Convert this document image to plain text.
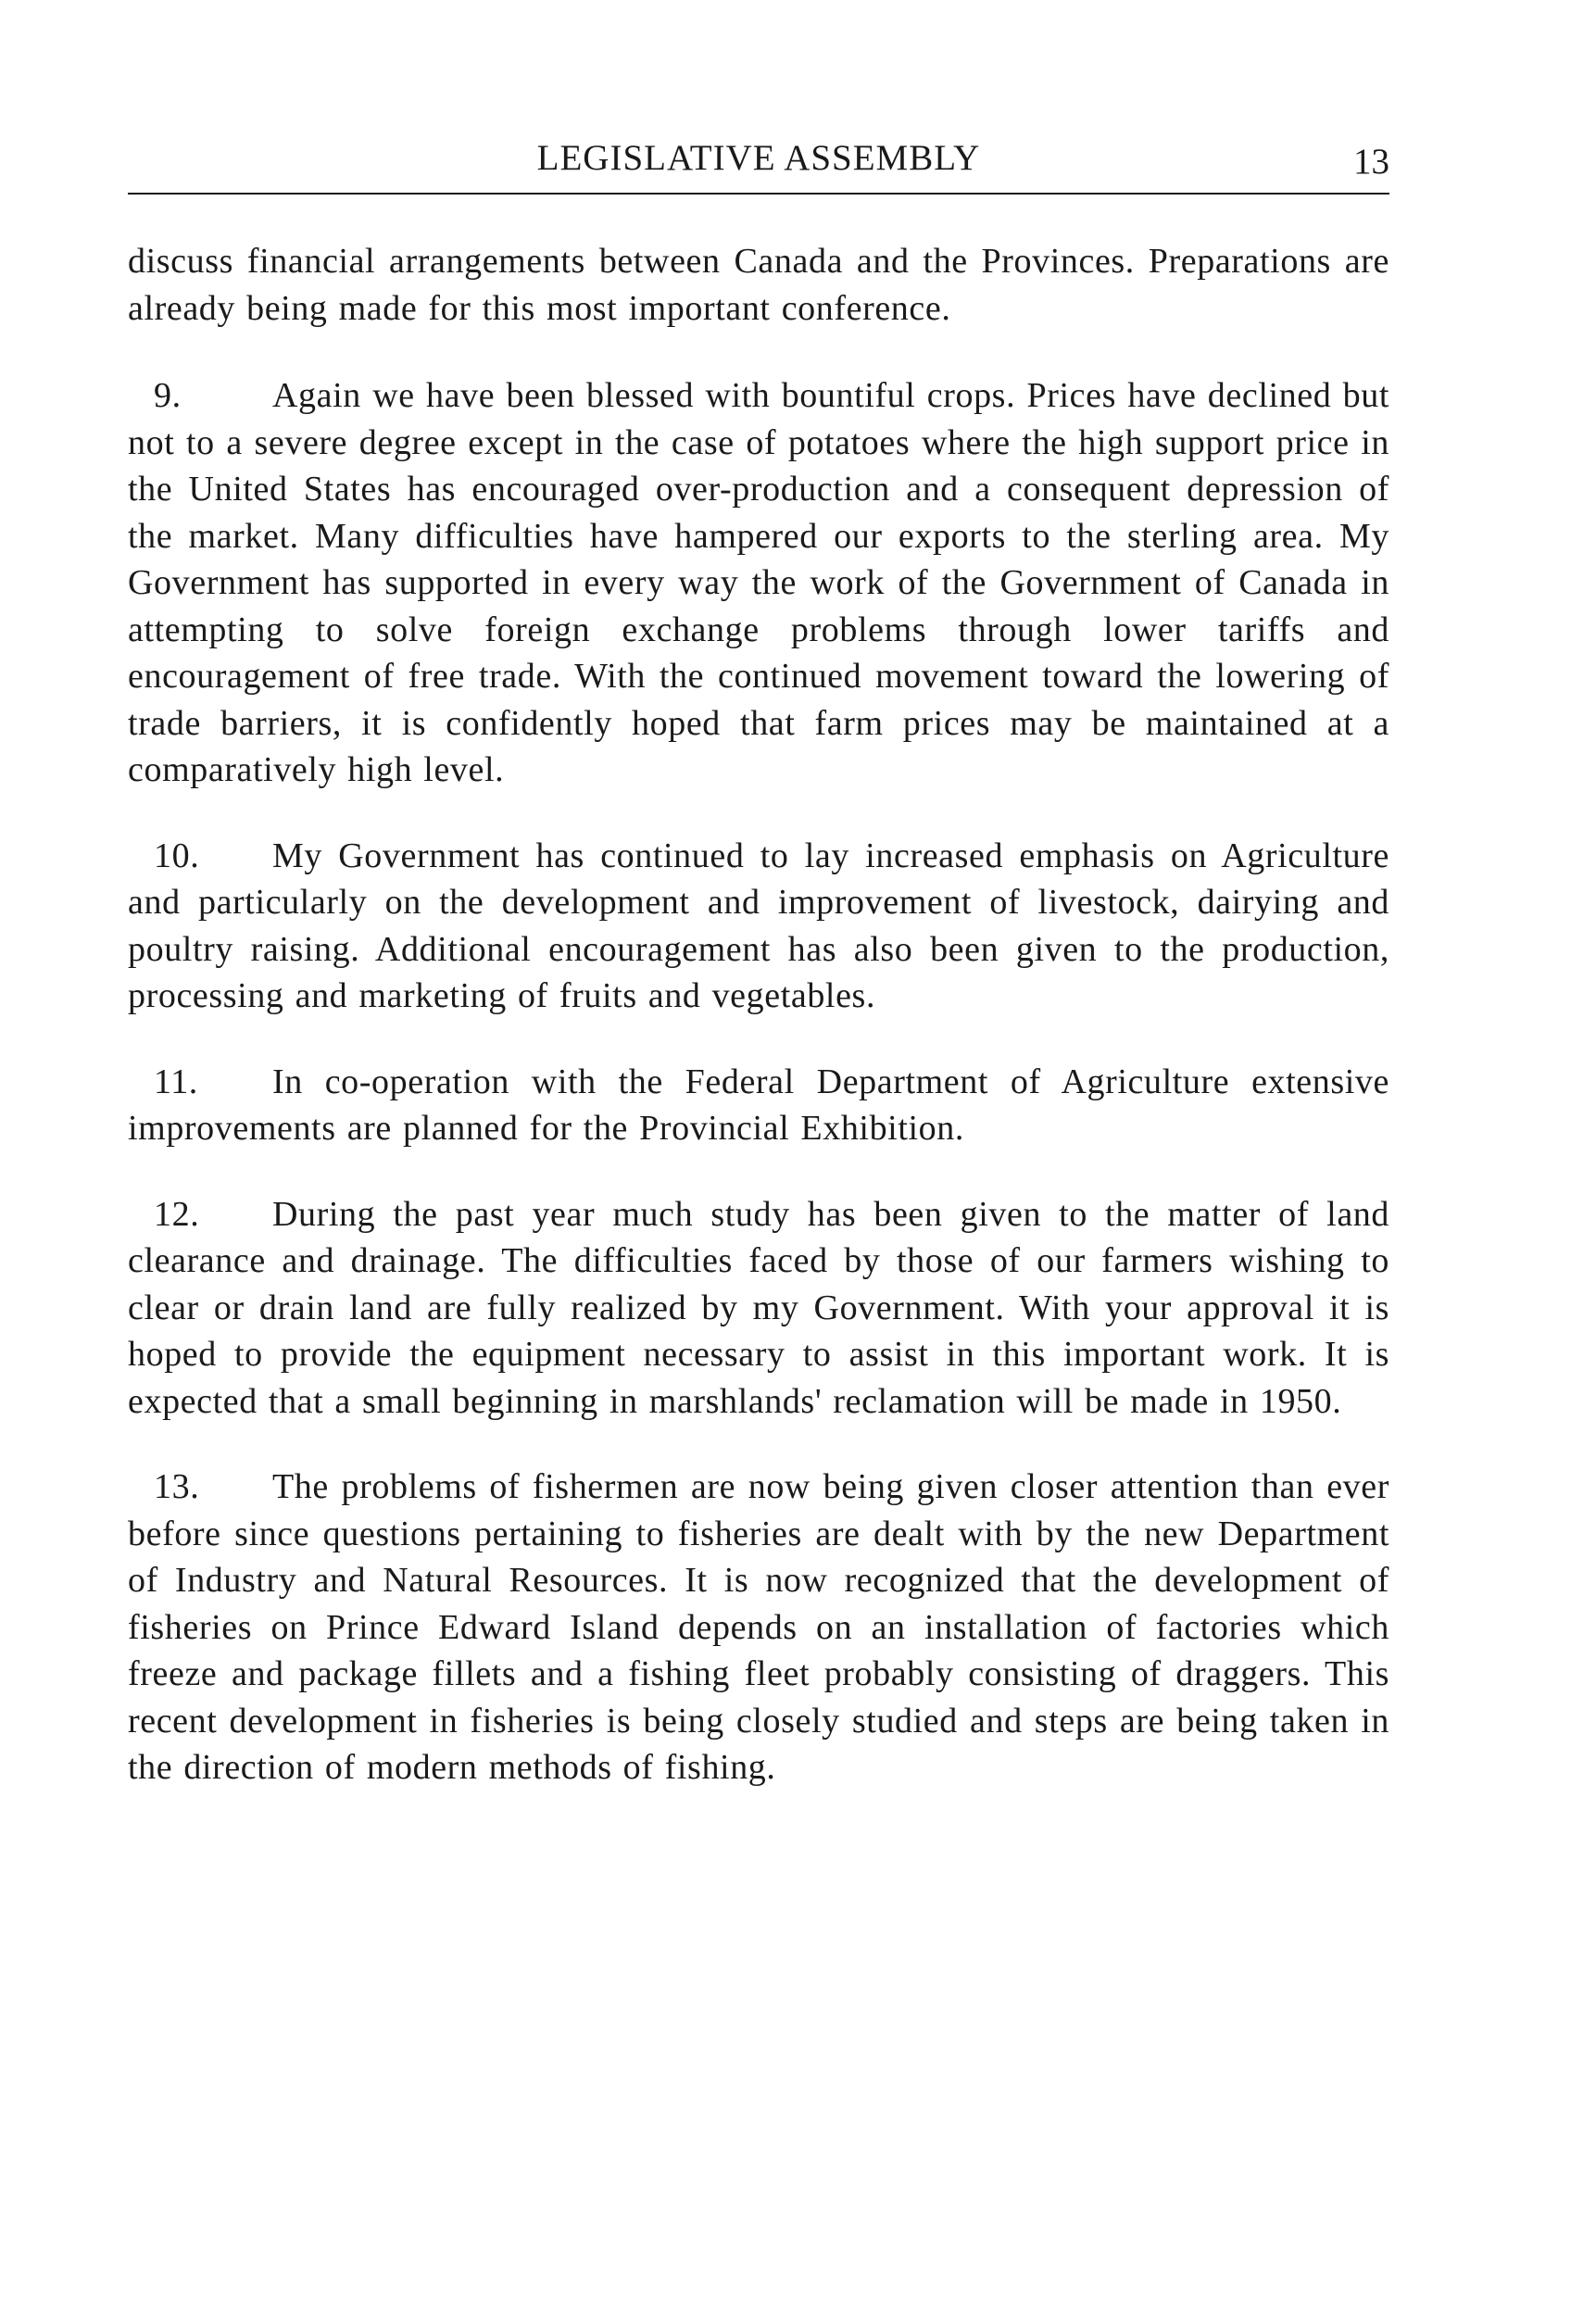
LEGISLATIVE ASSEMBLY	13

discuss financial arrangements between Canada and the Provinces. Preparations are already being made for this most important conference.

9.	Again we have been blessed with bountiful crops. Prices have declined but not to a severe degree except in the case of potatoes where the high support price in the United States has encouraged over-production and a consequent depression of the market. Many difficulties have hampered our exports to the sterling area. My Government has supported in every way the work of the Government of Canada in attempting to solve foreign exchange problems through lower tariffs and encouragement of free trade. With the continued movement toward the lowering of trade barriers, it is confidently hoped that farm prices may be maintained at a comparatively high level.

10. My Government has continued to lay increased emphasis on Agriculture and particularly on the development and improvement of livestock, dairying and poultry raising. Additional encouragement has also been given to the production, processing and marketing of fruits and vegetables.

11. In co-operation with the Federal Department of Agriculture extensive improvements are planned for the Provincial Exhibition.

12. During the past year much study has been given to the matter of land clearance and drainage. The difficulties faced by those of our farmers wishing to clear or drain land are fully realized by my Government. With your approval it is hoped to provide the equipment necessary to assist in this important work. It is expected that a small beginning in marshlands' reclamation will be made in 1950.

13. The problems of fishermen are now being given closer attention than ever before since questions pertaining to fisheries are dealt with by the new Department of Industry and Natural Resources. It is now recognized that the development of fisheries on Prince Edward Island depends on an installation of factories which freeze and package fillets and a fishing fleet probably consisting of draggers. This recent development in fisheries is being closely studied and steps are being taken in the direction of modern methods of fishing.
